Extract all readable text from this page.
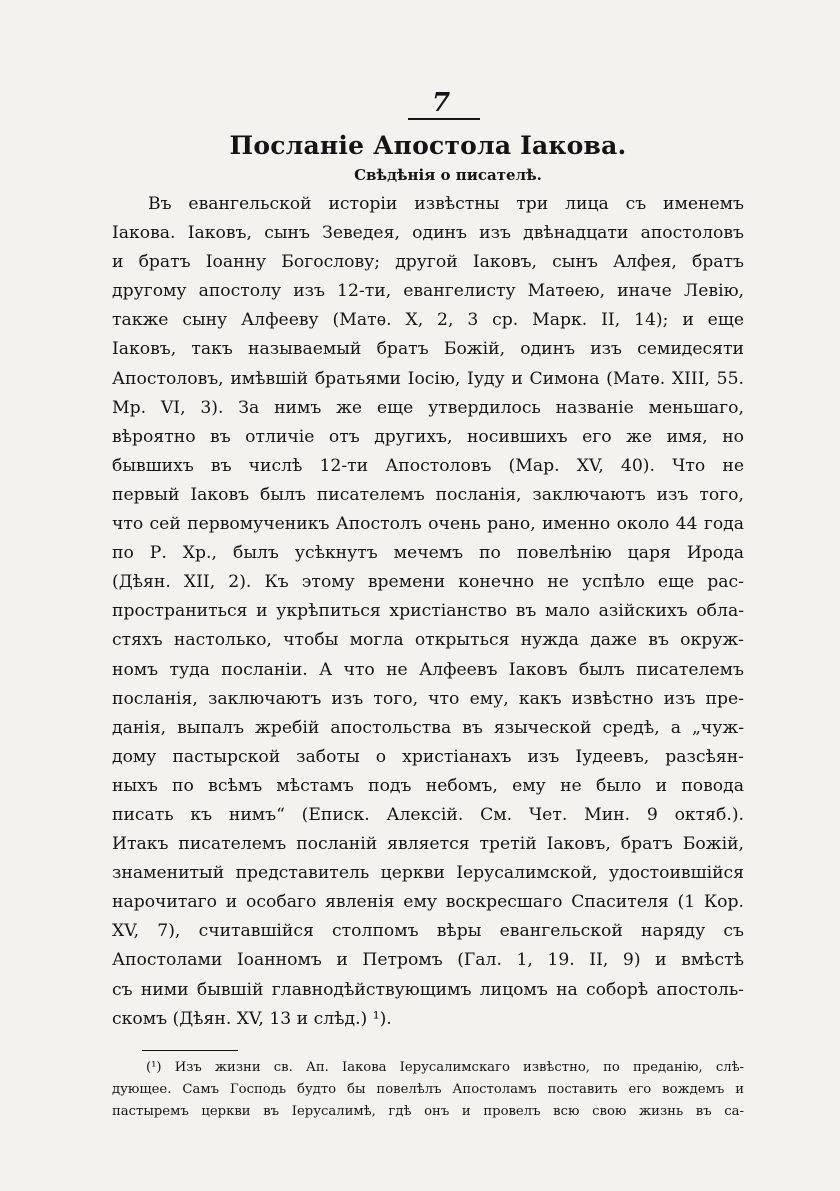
7
Посланіе Апостола Іакова.
Свѣдѣнія о писателѣ.
Въ евангельской исторіи извѣстны три лица съ именемъ
Іакова. Іаковъ, сынъ Зеведея, одинъ изъ двѣнадцати апостоловъ
и братъ Іоанну Богослову; другой Іаковъ, сынъ Алфея, братъ
другому апостолу изъ 12-ти, евангелисту Матѳею, иначе Левію,
также сыну Алфееву (Матѳ. X, 2, 3 ср. Марк. II, 14); и еще
Іаковъ, такъ называемый братъ Божій, одинъ изъ семидесяти
Апостоловъ, имѣвшій братьями Іосію, Іуду и Симона (Матѳ. XIII, 55.
Мр. VI, 3). За нимъ же еще утвердилось названіе меньшаго,
вѣроятно въ отличіе отъ другихъ, носившихъ его же имя, но
бывшихъ въ числѣ 12-ти Апостоловъ (Мар. XV, 40). Что не
первый Іаковъ былъ писателемъ посланія, заключаютъ изъ того,
что сей первомученикъ Апостолъ очень рано, именно около 44 года
по Р. Хр., былъ усѣкнутъ мечемъ по повелѣнію царя Ирода
(Дѣян. XII, 2). Къ этому времени конечно не успѣло еще рас-
пространиться и укрѣпиться христіанство въ мало азійскихъ обла-
стяхъ настолько, чтобы могла открыться нужда даже въ окруж-
номъ туда посланіи. А что не Алфеевъ Іаковъ былъ писателемъ
посланія, заключаютъ изъ того, что ему, какъ извѣстно изъ пре-
данія, выпалъ жребій апостольства въ языческой средѣ, а „чуж-
дому пастырской заботы о христіанахъ изъ Іудеевъ, разсѣян-
ныхъ по всѣмъ мѣстамъ подъ небомъ, ему не было и повода
писать къ нимъ“ (Еписк. Алексій. См. Чет. Мин. 9 октяб.).
Итакъ писателемъ посланій является третій Іаковъ, братъ Божій,
знаменитый представитель церкви Іерусалимской, удостоившійся
нарочитаго и особаго явленія ему воскресшаго Спасителя (1 Кор.
XV, 7), считавшійся столпомъ вѣры евангельской наряду съ
Апостолами Іоанномъ и Петромъ (Гал. 1, 19. II, 9) и вмѣстѣ
съ ними бывшій главнодѣйствующимъ лицомъ на соборѣ апостоль-
скомъ (Дѣян. XV, 13 и слѣд.) ¹).
(¹) Изъ жизни св. Ап. Іакова Іерусалимскаго извѣстно, по преданію, слѣ-
дующее. Самъ Господь будто бы повелѣлъ Апостоламъ поставить его вождемъ и
пастыремъ церкви въ Іерусалимѣ, гдѣ онъ и провелъ всю свою жизнь въ са-
